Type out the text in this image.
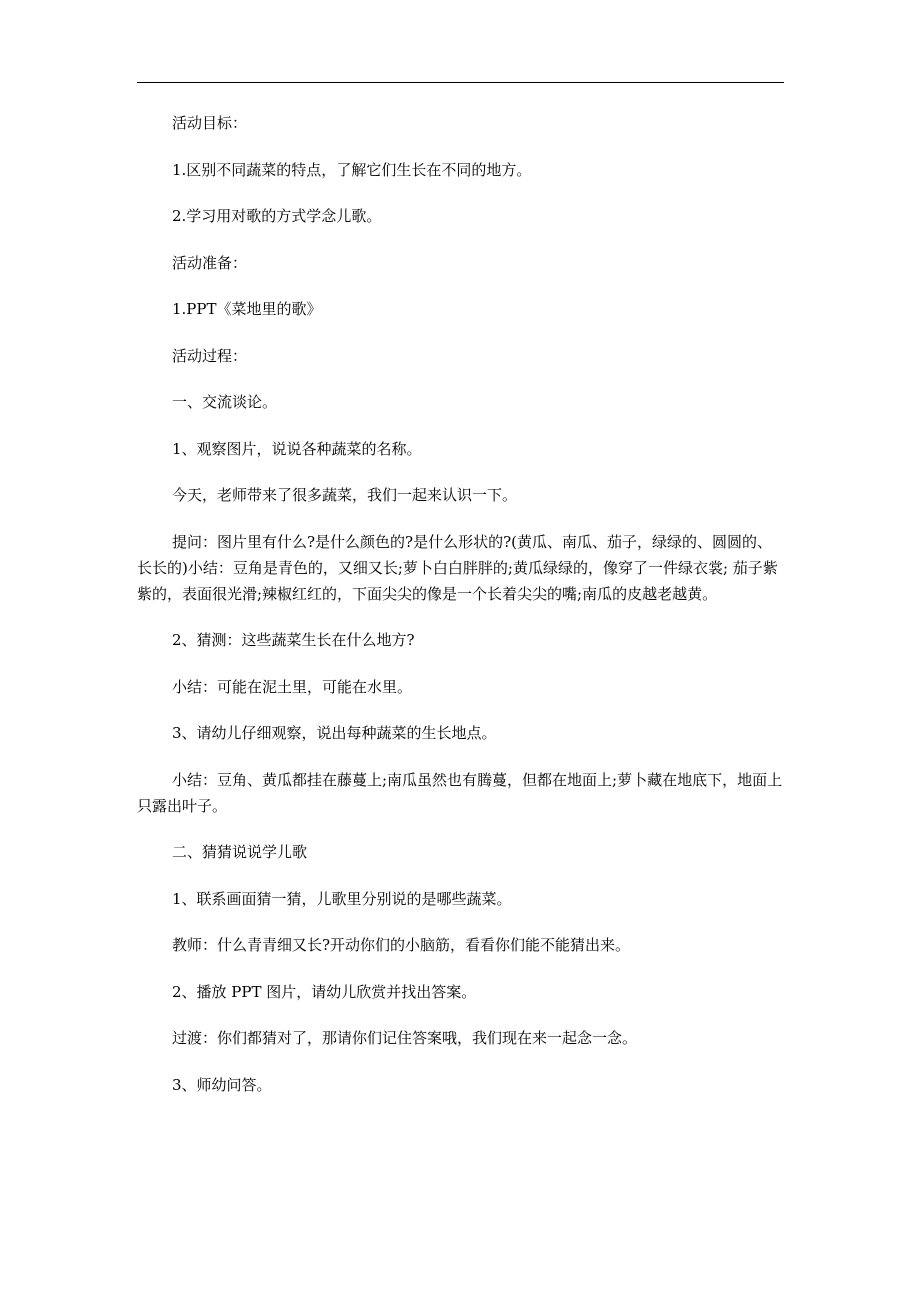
活动目标：

1.区别不同蔬菜的特点，了解它们生长在不同的地方。

2.学习用对歌的方式学念儿歌。

活动准备：

1.PPT《菜地里的歌》

活动过程：

一、交流谈论。

1、观察图片，说说各种蔬菜的名称。

今天，老师带来了很多蔬菜，我们一起来认识一下。

提问：图片里有什么?是什么颜色的?是什么形状的?(黄瓜、南瓜、茄子，绿绿的、圆圆的、长长的)小结：豆角是青色的，又细又长;萝卜白白胖胖的;黄瓜绿绿的，像穿了一件绿衣裳; 茄子紫紫的，表面很光滑;辣椒红红的，下面尖尖的像是一个长着尖尖的嘴;南瓜的皮越老越黄。

2、猜测：这些蔬菜生长在什么地方?

小结：可能在泥土里，可能在水里。

3、请幼儿仔细观察，说出每种蔬菜的生长地点。

小结：豆角、黄瓜都挂在藤蔓上;南瓜虽然也有腾蔓，但都在地面上;萝卜藏在地底下，地面上只露出叶子。

二、猜猜说说学儿歌

1、联系画面猜一猜，儿歌里分别说的是哪些蔬菜。

教师：什么青青细又长?开动你们的小脑筋，看看你们能不能猜出来。

2、播放 PPT 图片，请幼儿欣赏并找出答案。

过渡：你们都猜对了，那请你们记住答案哦，我们现在来一起念一念。

3、师幼问答。
